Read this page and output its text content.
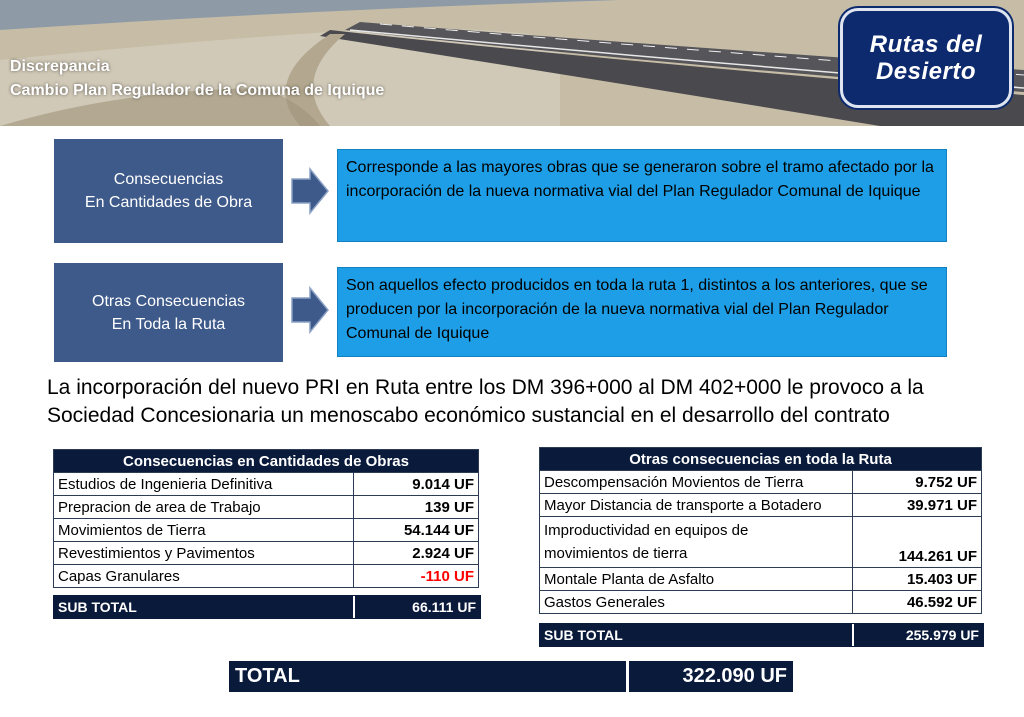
Discrepancia
Cambio Plan Regulador de la Comuna de Iquique
Rutas del
Desierto
Consecuencias
En Cantidades de Obra
Corresponde a las mayores obras que se generaron sobre el tramo afectado por la incorporación de la nueva normativa vial del Plan Regulador Comunal de Iquique
Otras Consecuencias
En Toda la Ruta
Son aquellos efecto producidos en toda la ruta 1, distintos a los anteriores, que se producen por la incorporación de la nueva normativa vial del Plan Regulador Comunal de Iquique
La incorporación del nuevo PRI en Ruta entre los DM 396+000 al DM 402+000 le provoco a la Sociedad Concesionaria un menoscabo económico sustancial en el desarrollo del contrato
Consecuencias en Cantidades de Obras	
Estudios de Ingenieria Definitiva	9.014 UF
Prepracion de area de Trabajo	139 UF
Movimientos de Tierra	54.144 UF
Revestimientos y Pavimentos	2.924 UF
Capas Granulares	-110 UF
SUB TOTAL	66.111 UF
Otras consecuencias en toda la Ruta	
Descompensación Movientos de Tierra	9.752 UF
Mayor Distancia de transporte a Botadero	39.971 UF

Improductividad en equipos de
movimientos de tierra	144.261 UF
Montale Planta de Asfalto	15.403 UF
Gastos Generales	46.592 UF
SUB TOTAL	255.979 UF
TOTAL	322.090 UF
